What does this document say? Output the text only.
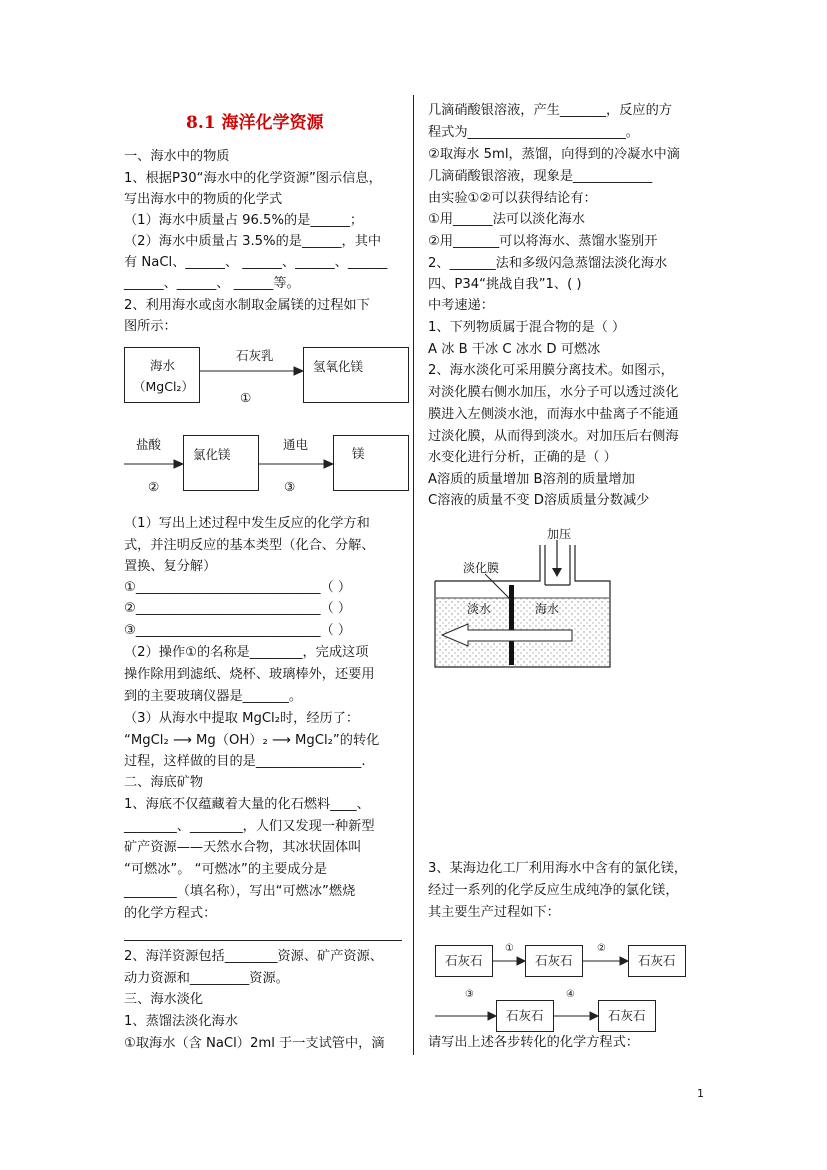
8.1 海洋化学资源
一、海水中的物质
1、根据P30“海水中的化学资源”图示信息，
写出海水中的物质的化学式
（1）海水中质量占 96.5%的是______；
（2）海水中质量占 3.5%的是______，其中
有 NaCl、______、 ______、______、______
______、______、 ______等。
2、利用海水或卤水制取金属镁的过程如下
图所示：
海水
（MgCl₂）
石灰乳
①
氢氧化镁
盐酸
②
氯化镁
通电
③
镁
（1）写出上述过程中发生反应的化学方和
式，并注明反应的基本类型（化合、分解、
置换、复分解）
①____________________________（ ）
②____________________________（ ）
③____________________________（ ）
（2）操作①的名称是________，完成这项
操作除用到滤纸、烧杯、玻璃棒外，还要用
到的主要玻璃仪器是_______。
（3）从海水中提取 MgCl₂时，经历了：
“MgCl₂ ⟶ Mg（OH）₂ ⟶ MgCl₂”的转化
过程，这样做的目的是________________.
二、海底矿物
1、海底不仅蕴藏着大量的化石燃料____、
________、________，人们又发现一种新型
矿产资源——天然水合物，其冰状固体叫
“可燃冰”。 “可燃冰”的主要成分是
________（填名称），写出“可燃冰”燃烧
的化学方程式：
2、海洋资源包括________资源、矿产资源、
动力资源和_________资源。
三、海水淡化
1、蒸馏法淡化海水
①取海水（含 NaCl）2ml 于一支试管中，滴
几滴硝酸银溶液，产生_______，反应的方
程式为________________________。
②取海水 5ml，蒸馏，向得到的冷凝水中滴
几滴硝酸银溶液，现象是____________
由实验①②可以获得结论有：
①用______法可以淡化海水
②用_______可以将海水、蒸馏水鉴别开
2、_______法和多级闪急蒸馏法淡化海水
四、P34“挑战自我”1、( )
中考速递：
1、下列物质属于混合物的是（ ）
A 冰 B 干冰 C 冰水 D 可燃冰
2、海水淡化可采用膜分离技术。如图示，
对淡化膜右侧水加压，水分子可以透过淡化
膜进入左侧淡水池，而海水中盐离子不能通
过淡化膜，从而得到淡水。对加压后右侧海
水变化进行分析，正确的是（ ）
A溶质的质量增加 B溶剂的质量增加
C溶液的质量不变 D溶质质量分数减少
加压
淡化膜
淡水	海水
3、某海边化工厂利用海水中含有的氯化镁，
经过一系列的化学反应生成纯净的氯化镁，
其主要生产过程如下：
石灰石
①
石灰石
②
石灰石
③
石灰石
④
石灰石
请写出上述各步转化的化学方程式：
1
